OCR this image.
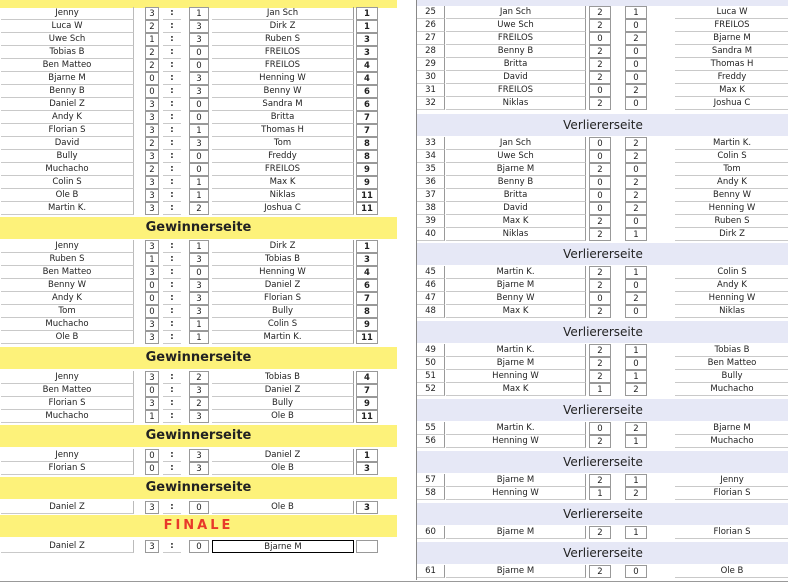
Jenny	3	:	1	Jan Sch	1
Luca W	2	:	3	Dirk Z	1
Uwe Sch	1	:	3	Ruben S	3
Tobias B	2	:	0	FREILOS	3
Ben Matteo	2	:	0	FREILOS	4
Bjarne M	0	:	3	Henning W	4
Benny B	0	:	3	Benny W	6
Daniel Z	3	:	0	Sandra M	6
Andy K	3	:	0	Britta	7
Florian S	3	:	1	Thomas H	7
David	2	:	3	Tom	8
Bully	3	:	0	Freddy	8
Muchacho	2	:	0	FREILOS	9
Colin S	3	:	1	Max K	9
Ole B	3	:	1	Niklas	11
Martin K.	3	:	2	Joshua C	11
Gewinnerseite
Jenny	3	:	1	Dirk Z	1
Ruben S	1	:	3	Tobias B	3
Ben Matteo	3	:	0	Henning W	4
Benny W	0	:	3	Daniel Z	6
Andy K	0	:	3	Florian S	7
Tom	0	:	3	Bully	8
Muchacho	3	:	1	Colin S	9
Ole B	3	:	1	Martin K.	11
Gewinnerseite
Jenny	3	:	2	Tobias B	4
Ben Matteo	0	:	3	Daniel Z	7
Florian S	3	:	2	Bully	9
Muchacho	1	:	3	Ole B	11
Gewinnerseite
Jenny	0	:	3	Daniel Z	1
Florian S	0	:	3	Ole B	3
Gewinnerseite
Daniel Z	3	:	0	Ole B	3
FINALE
Daniel Z	3	:	0	Bjarne M
25	Jan Sch	2	1	Luca W
26	Uwe Sch	2	0	FREILOS
27	FREILOS	0	2	Bjarne M
28	Benny B	2	0	Sandra M
29	Britta	2	0	Thomas H
30	David	2	0	Freddy
31	FREILOS	0	2	Max K
32	Niklas	2	0	Joshua C
Verliererseite
33	Jan Sch	0	2	Martin K.
34	Uwe Sch	0	2	Colin S
35	Bjarne M	2	0	Tom
36	Benny B	0	2	Andy K
37	Britta	0	2	Benny W
38	David	0	2	Henning W
39	Max K	2	0	Ruben S
40	Niklas	2	1	Dirk Z
Verliererseite
45	Martin K.	2	1	Colin S
46	Bjarne M	2	0	Andy K
47	Benny W	0	2	Henning W
48	Max K	2	0	Niklas
Verliererseite
49	Martin K.	2	1	Tobias B
50	Bjarne M	2	0	Ben Matteo
51	Henning W	2	1	Bully
52	Max K	1	2	Muchacho
Verliererseite
55	Martin K.	0	2	Bjarne M
56	Henning W	2	1	Muchacho
Verliererseite
57	Bjarne M	2	1	Jenny
58	Henning W	1	2	Florian S
Verliererseite
60	Bjarne M	2	1	Florian S
Verliererseite
61	Bjarne M	2	0	Ole B
